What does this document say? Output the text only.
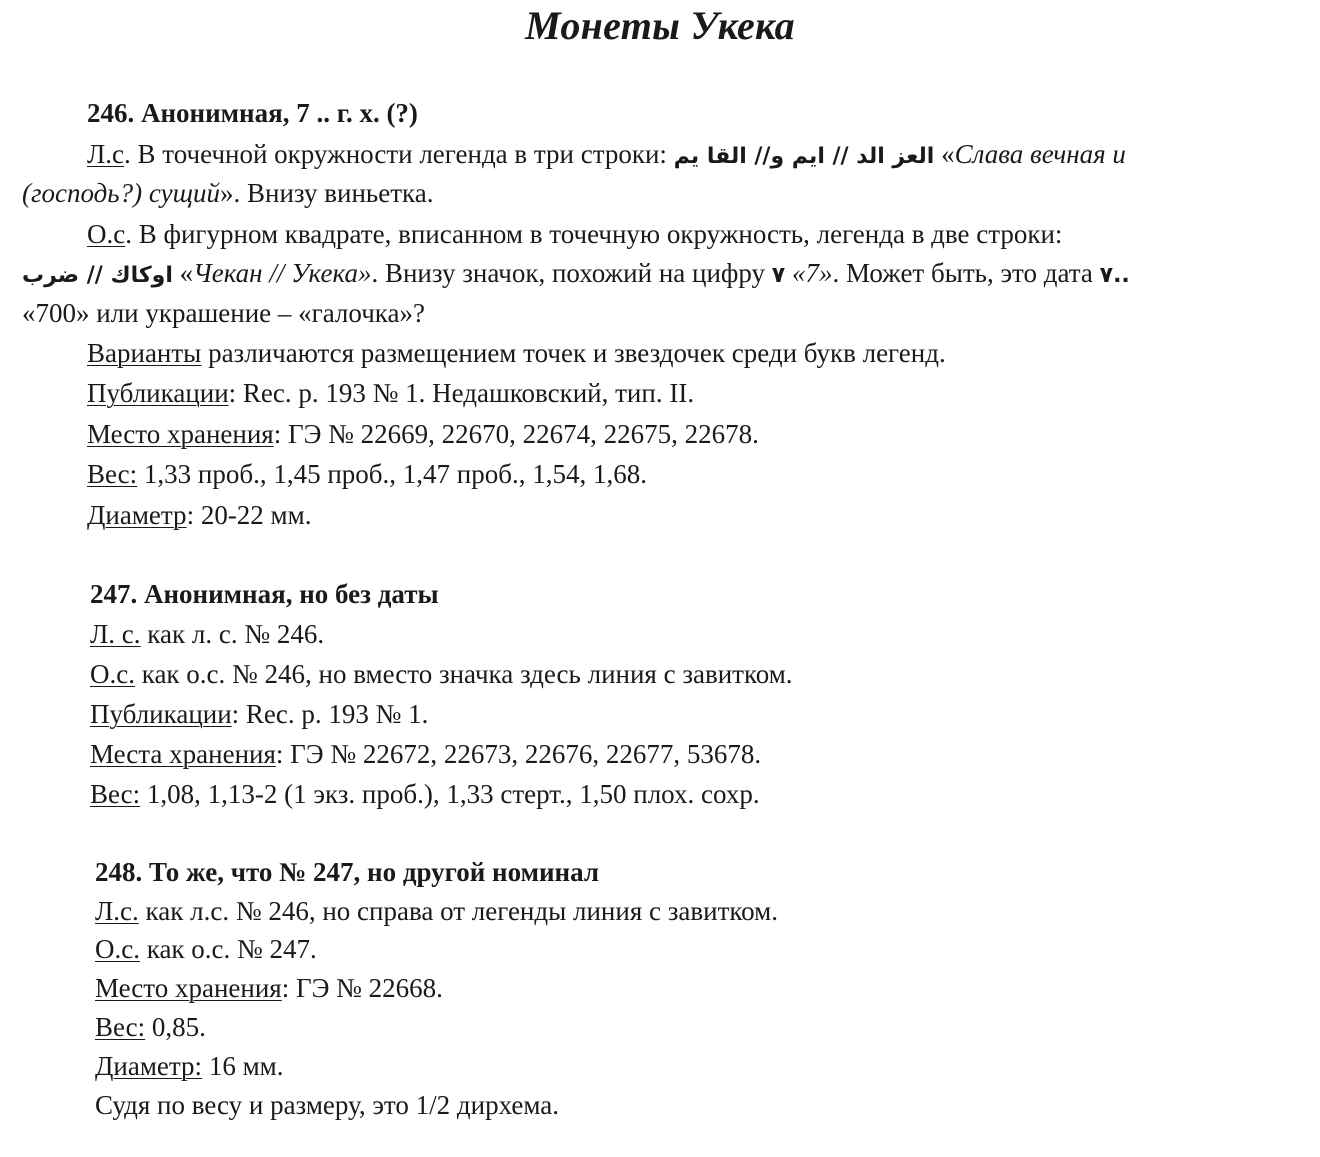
Монеты Укека
246. Анонимная, 7 .. г. х. (?)
Л.с. В точечной окружности легенда в три строки: العز الد // ايم و// القا يم «Слава вечная и
(господь?) сущий». Внизу виньетка.
О.с. В фигурном квадрате, вписанном в точечную окружность, легенда в две строки:
اوكاك // ضرب «Чекан // Укека». Внизу значок, похожий на цифру ٧ «7». Может быть, это дата ٧..
«700» или украшение – «галочка»?
Варианты различаются размещением точек и звездочек среди букв легенд.
Публикации: Rec. p. 193 № 1. Недашковский, тип. II.
Место хранения: ГЭ № 22669, 22670, 22674, 22675, 22678.
Вес: 1,33 проб., 1,45 проб., 1,47 проб., 1,54, 1,68.
Диаметр: 20-22 мм.
247. Анонимная, но без даты
Л. с. как л. с. № 246.
О.с. как о.с. № 246, но вместо значка здесь линия с завитком.
Публикации: Rec. p. 193 № 1.
Места хранения: ГЭ № 22672, 22673, 22676, 22677, 53678.
Вес: 1,08, 1,13-2 (1 экз. проб.), 1,33 стерт., 1,50 плох. сохр.
248. То же, что № 247, но другой номинал
Л.с. как л.с. № 246, но справа от легенды линия с завитком.
О.с. как о.с. № 247.
Место хранения: ГЭ № 22668.
Вес: 0,85.
Диаметр: 16 мм.
Судя по весу и размеру, это 1/2 дирхема.
